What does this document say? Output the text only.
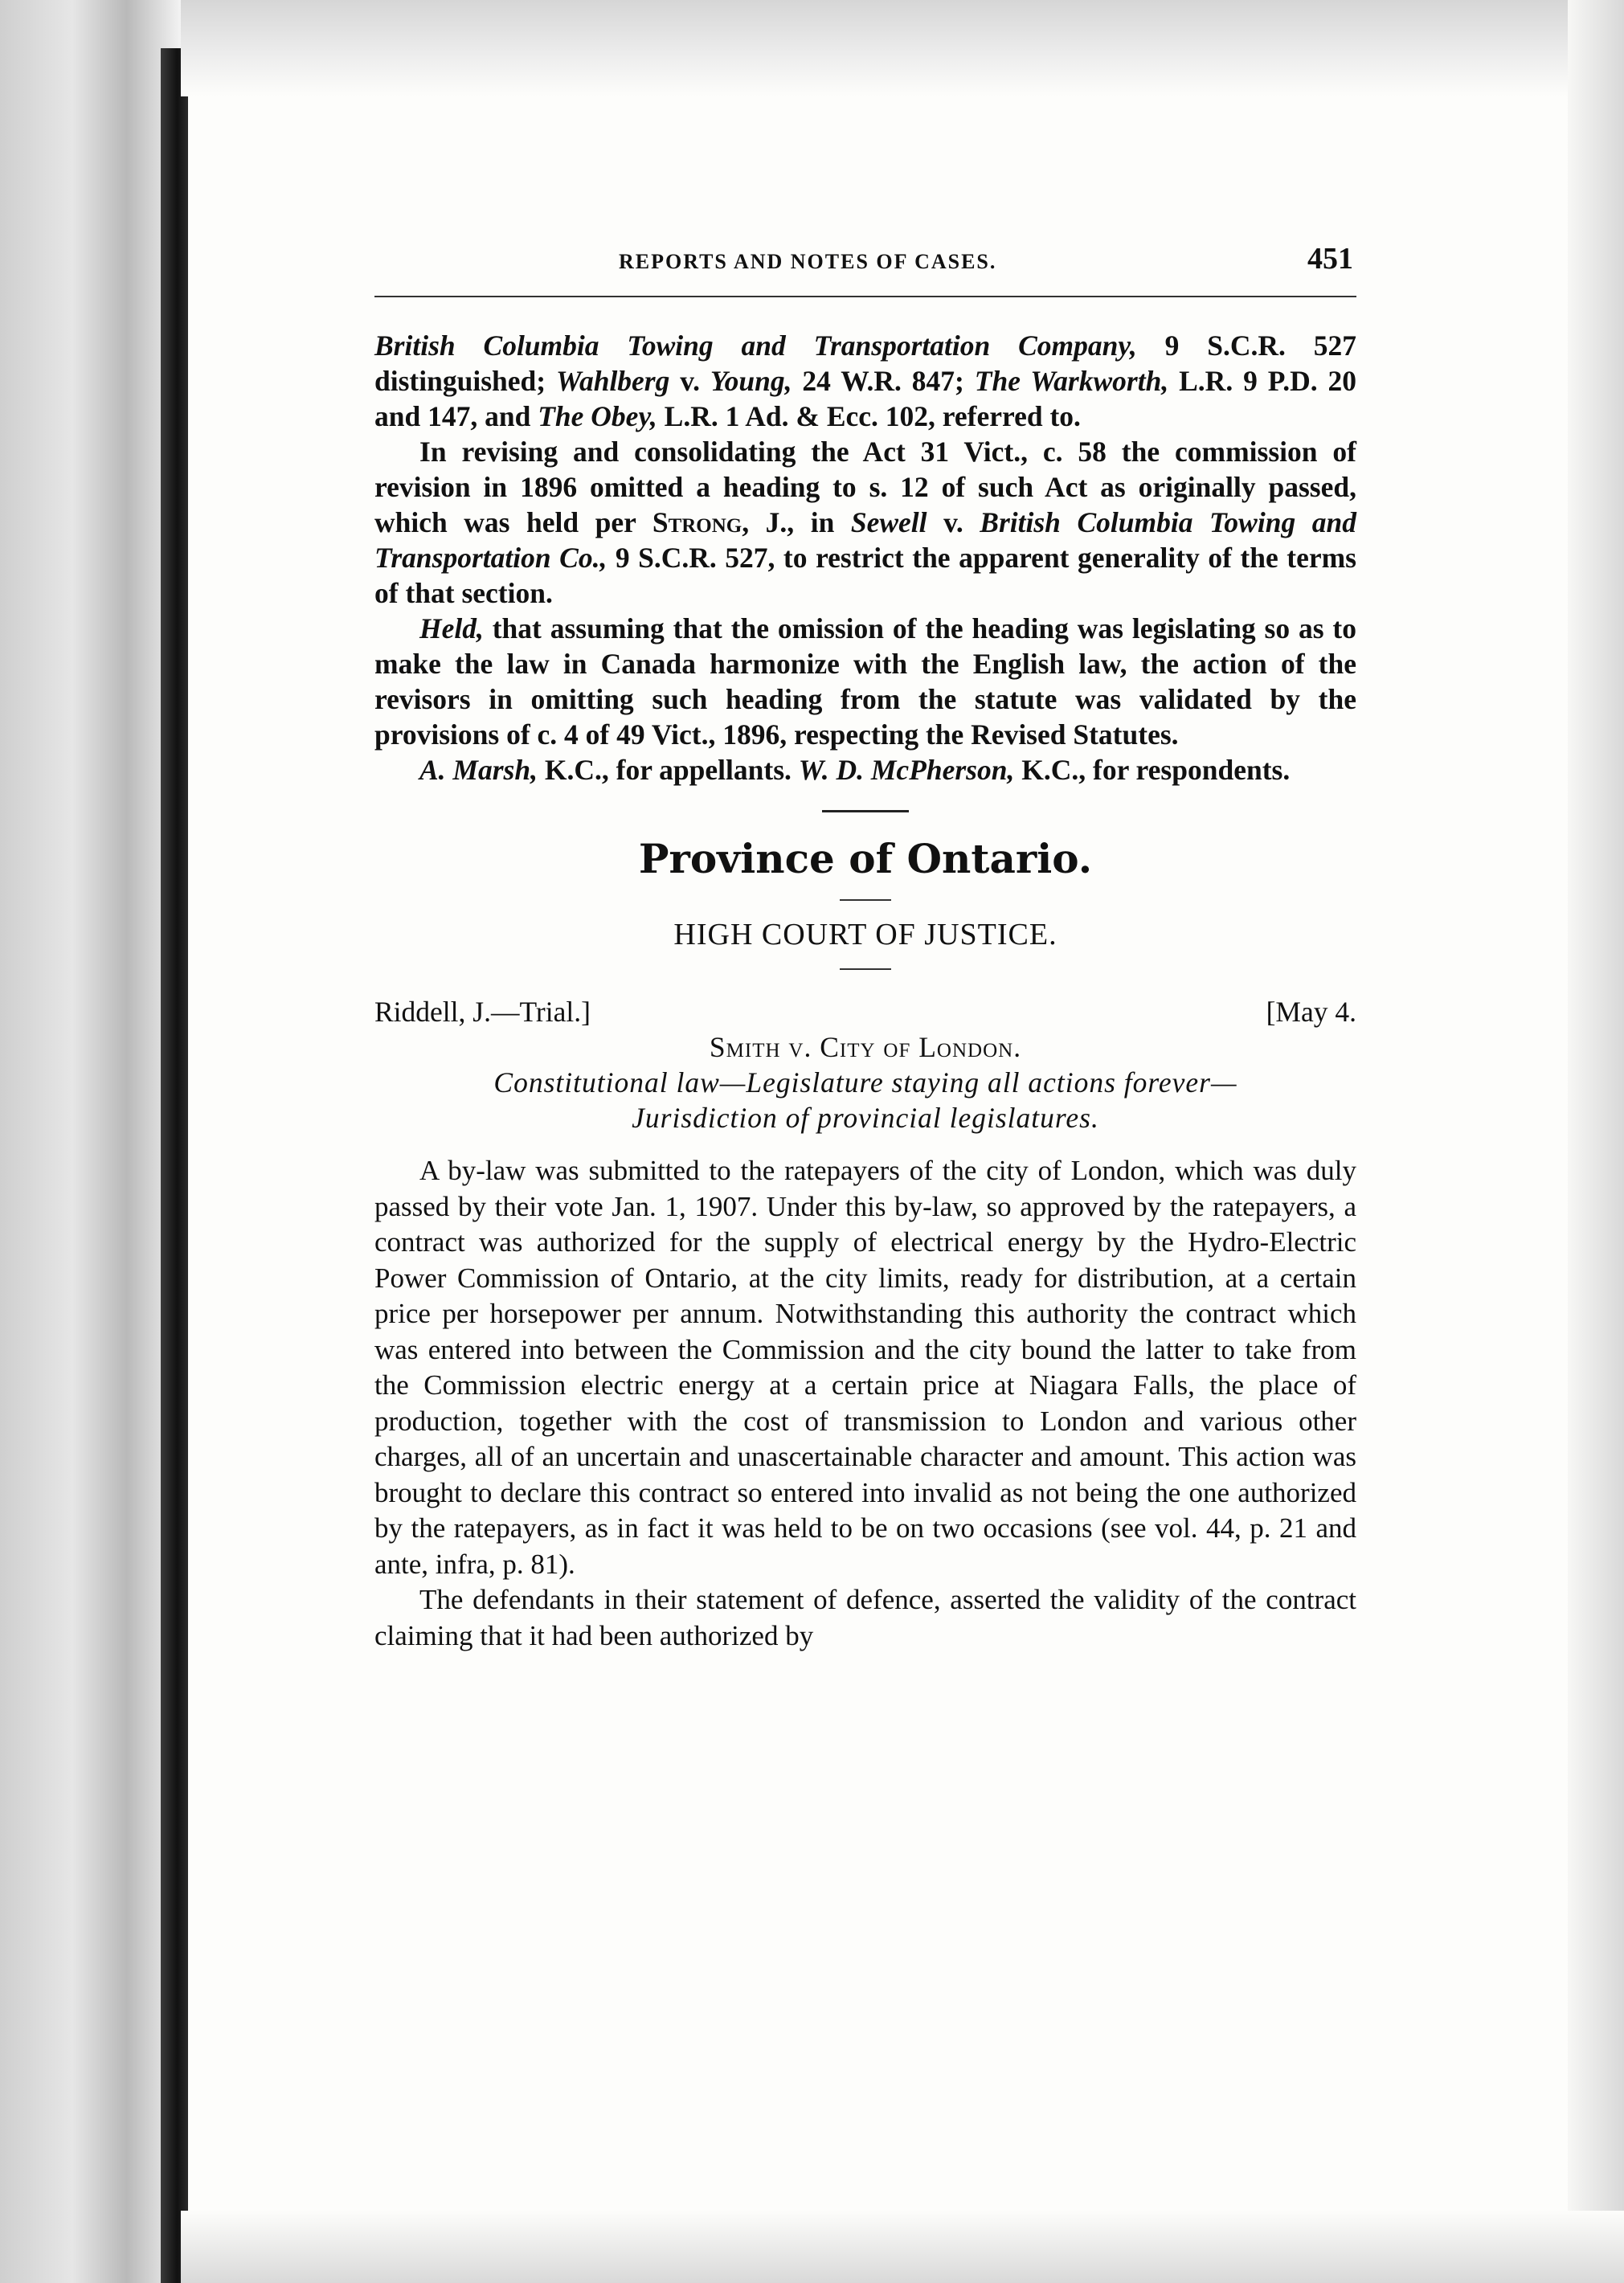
REPORTS AND NOTES OF CASES.	451

British Columbia Towing and Transportation Company, 9 S.C.R. 527 distinguished; Wahlberg v. Young, 24 W.R. 847; The Warkworth, L.R. 9 P.D. 20 and 147, and The Obey, L.R. 1 Ad. & Ecc. 102, referred to.

In revising and consolidating the Act 31 Vict., c. 58 the commission of revision in 1896 omitted a heading to s. 12 of such Act as originally passed, which was held per Strong, J., in Sewell v. British Columbia Towing and Transportation Co., 9 S.C.R. 527, to restrict the apparent generality of the terms of that section.

Held, that assuming that the omission of the heading was legislating so as to make the law in Canada harmonize with the English law, the action of the revisors in omitting such heading from the statute was validated by the provisions of c. 4 of 49 Vict., 1896, respecting the Revised Statutes.

A. Marsh, K.C., for appellants. W. D. McPherson, K.C., for respondents.

Province of Ontario.
HIGH COURT OF JUSTICE.
Riddell, J.—Trial.]	[May 4.
Smith v. City of London.
Constitutional law—Legislature staying all actions forever—
Jurisdiction of provincial legislatures.

A by-law was submitted to the ratepayers of the city of London, which was duly passed by their vote Jan. 1, 1907. Under this by-law, so approved by the ratepayers, a contract was authorized for the supply of electrical energy by the Hydro-Electric Power Commission of Ontario, at the city limits, ready for distribution, at a certain price per horsepower per annum. Notwithstanding this authority the contract which was entered into between the Commission and the city bound the latter to take from the Commission electric energy at a certain price at Niagara Falls, the place of production, together with the cost of transmission to London and various other charges, all of an uncertain and unascertainable character and amount. This action was brought to declare this contract so entered into invalid as not being the one authorized by the ratepayers, as in fact it was held to be on two occasions (see vol. 44, p. 21 and ante, infra, p. 81).

The defendants in their statement of defence, asserted the validity of the contract claiming that it had been authorized by
